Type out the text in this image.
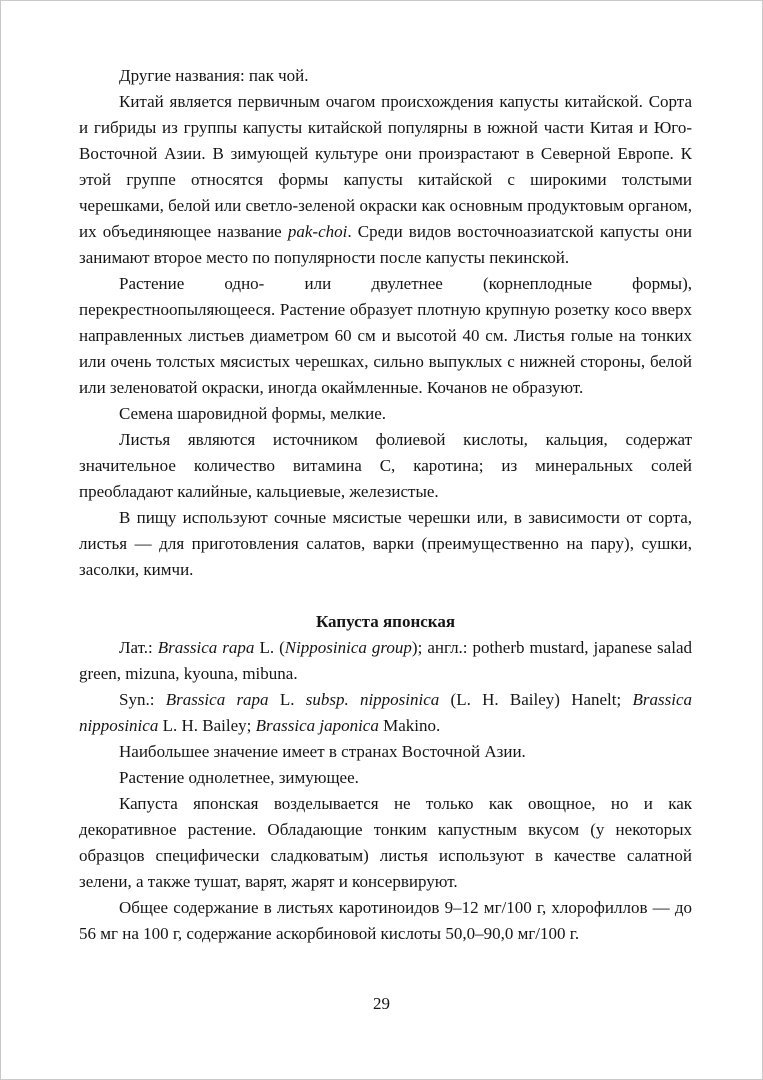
Другие названия: пак чой.

Китай является первичным очагом происхождения капусты китайской. Сорта и гибриды из группы капусты китайской популярны в южной части Китая и Юго-Восточной Азии. В зимующей культуре они произрастают в Северной Европе. К этой группе относятся формы капусты китайской с широкими толстыми черешками, белой или светло-зеленой окраски как основным продуктовым органом, их объединяющее название pak-choi. Среди видов восточноазиатской капусты они занимают второе место по популярности после капусты пекинской.

Растение одно- или двулетнее (корнеплодные формы), перекрестноопыляющееся. Растение образует плотную крупную розетку косо вверх направленных листьев диаметром 60 см и высотой 40 см. Листья голые на тонких или очень толстых мясистых черешках, сильно выпуклых с нижней стороны, белой или зеленоватой окраски, иногда окаймленные. Кочанов не образуют.

Семена шаровидной формы, мелкие.

Листья являются источником фолиевой кислоты, кальция, содержат значительное количество витамина С, каротина; из минеральных солей преобладают калийные, кальциевые, железистые.

В пищу используют сочные мясистые черешки или, в зависимости от сорта, листья — для приготовления салатов, варки (преимущественно на пару), сушки, засолки, кимчи.

Капуста японская

Лат.: Brassica rapa L. (Nipposinica group); англ.: potherb mustard, japanese salad green, mizuna, kyouna, mibuna.

Syn.: Brassica rapa L. subsp. nipposinica (L. Н. Bailey) Hanelt; Brassica nipposinica L. Н. Bailey; Brassica japonica Makino.

Наибольшее значение имеет в странах Восточной Азии.

Растение однолетнее, зимующее.

Капуста японская возделывается не только как овощное, но и как декоративное растение. Обладающие тонким капустным вкусом (у некоторых образцов специфически сладковатым) листья используют в качестве салатной зелени, а также тушат, варят, жарят и консервируют.

Общее содержание в листьях каротиноидов 9–12 мг/100 г, хлорофиллов — до 56 мг на 100 г, содержание аскорбиновой кислоты 50,0–90,0 мг/100 г.

29
